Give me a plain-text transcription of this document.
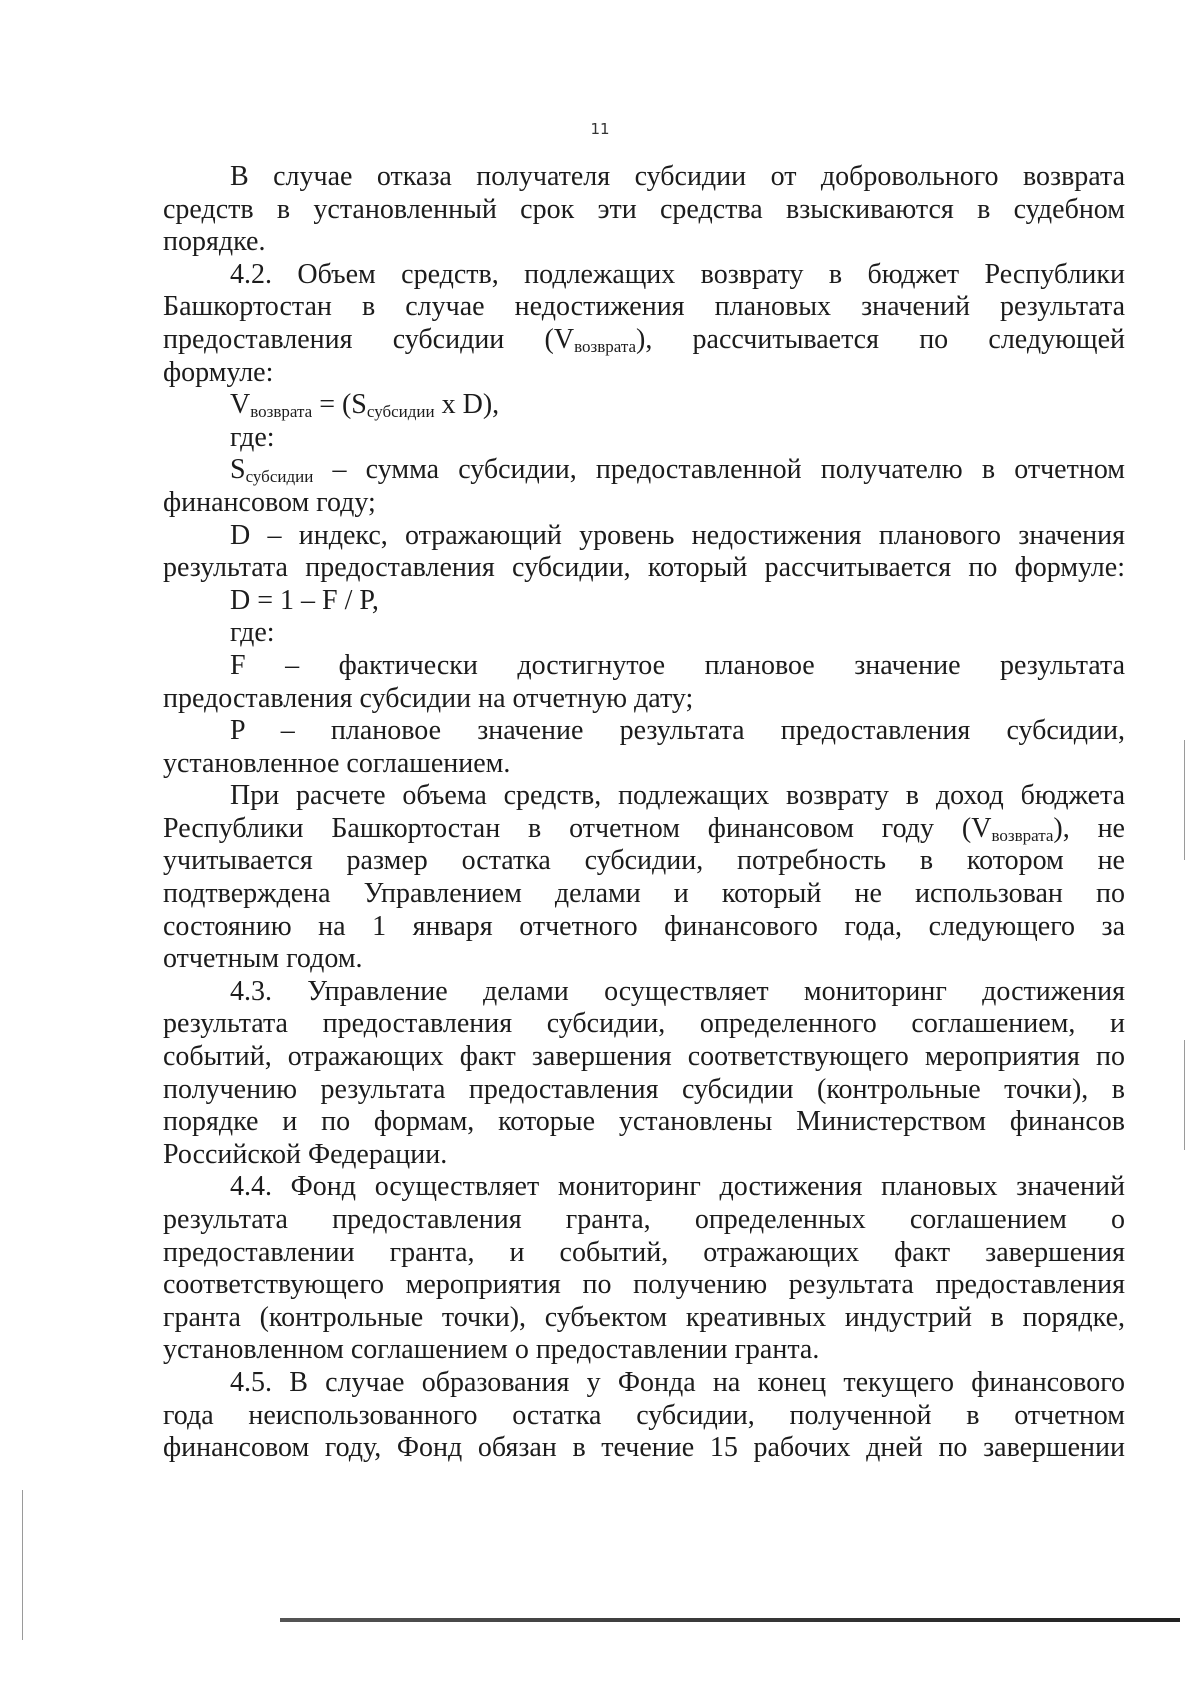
11

В случае отказа получателя субсидии от добровольного возврата

средств в установленный срок эти средства взыскиваются в судебном

порядке.

4.2. Объем средств, подлежащих возврату в бюджет Республики

Башкортостан в случае недостижения плановых значений результата

предоставления субсидии $(V_{возврата})$, рассчитывается по следующей

формуле:

$V_{возврата} = (S_{субсидии}$ x D),

где:

$S_{субсидии}$ – сумма субсидии, предоставленной получателю в отчетном

финансовом году;

D – индекс, отражающий уровень недостижения планового значения

результата предоставления субсидии, который рассчитывается по формуле:

D = 1 – F / P,

где:

F – фактически достигнутое плановое значение результата

предоставления субсидии на отчетную дату;

P – плановое значение результата предоставления субсидии,

установленное соглашением.

При расчете объема средств, подлежащих возврату в доход бюджета

Республики Башкортостан в отчетном финансовом году $(V_{возврата})$, не

учитывается размер остатка субсидии, потребность в котором не

подтверждена Управлением делами и который не использован по

состоянию на 1 января отчетного финансового года, следующего за

отчетным годом.

4.3. Управление делами осуществляет мониторинг достижения

результата предоставления субсидии, определенного соглашением, и

событий, отражающих факт завершения соответствующего мероприятия по

получению результата предоставления субсидии (контрольные точки), в

порядке и по формам, которые установлены Министерством финансов

Российской Федерации.

4.4. Фонд осуществляет мониторинг достижения плановых значений

результата предоставления гранта, определенных соглашением о

предоставлении гранта, и событий, отражающих факт завершения

соответствующего мероприятия по получению результата предоставления

гранта (контрольные точки), субъектом креативных индустрий в порядке,

установленном соглашением о предоставлении гранта.

4.5. В случае образования у Фонда на конец текущего финансового

года неиспользованного остатка субсидии, полученной в отчетном

финансовом году, Фонд обязан в течение 15 рабочих дней по завершении
